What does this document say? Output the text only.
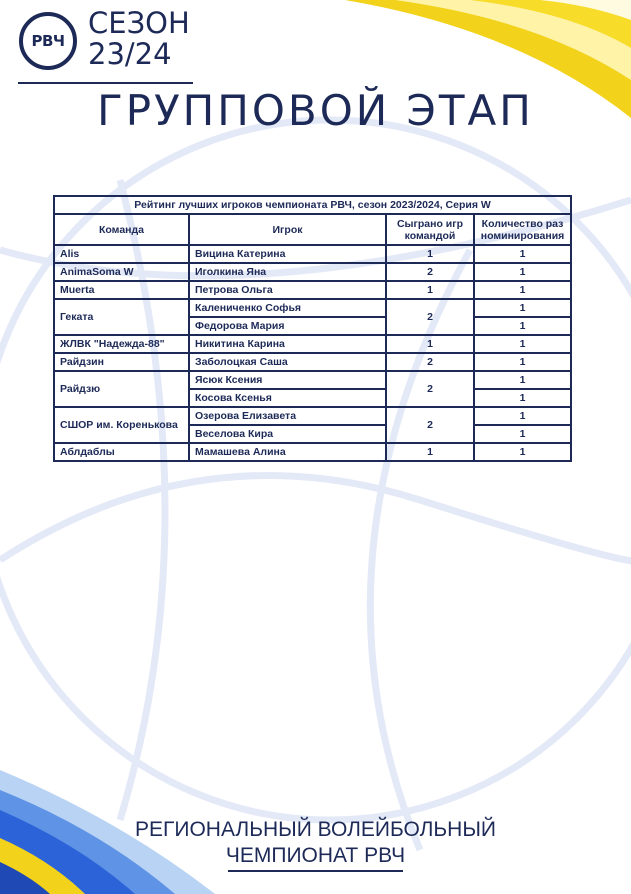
РВЧ
СЕЗОН
23/24
ГРУППОВОЙ ЭТАП
Рейтинг лучших игроков чемпионата РВЧ, сезон 2023/2024, Серия W			
Команда	Игрок	Сыграно игр командой	Количество раз номинирования
Alis	Вицина Катерина	1	1
AnimaSoma W	Иголкина Яна	2	1
Muerta	Петрова Ольга	1	1
Геката	Калениченко Софья	2	1
	Федорова Мария		1
ЖЛВК "Надежда-88"	Никитина Карина	1	1
Райдзин	Заболоцкая Саша	2	1
Райдзю	Ясюк Ксения	2	1
	Косова Ксенья		1
СШОР им. Коренькова	Озерова Елизавета	2	1
	Веселова Кира		1
Аблдаблы	Мамашева Алина	1	1
РЕГИОНАЛЬНЫЙ ВОЛЕЙБОЛЬНЫЙ
ЧЕМПИОНАТ РВЧ
